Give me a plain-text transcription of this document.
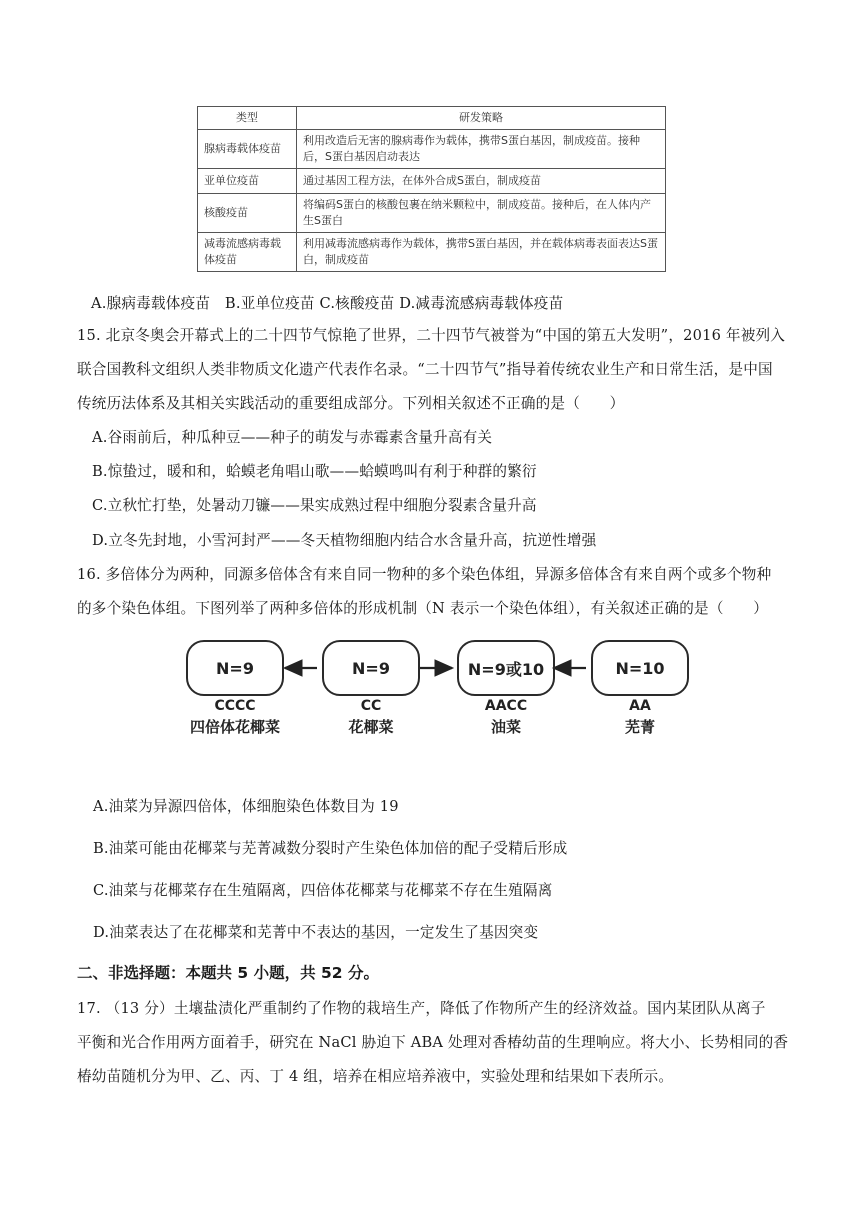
类型	研发策略
腺病毒载体疫苗	利用改造后无害的腺病毒作为载体，携带S蛋白基因，制成疫苗。接种后，S蛋白基因启动表达
亚单位疫苗	通过基因工程方法，在体外合成S蛋白，制成疫苗
核酸疫苗	将编码S蛋白的核酸包裹在纳米颗粒中，制成疫苗。接种后，在人体内产生S蛋白
减毒流感病毒载体疫苗	利用减毒流感病毒作为载体，携带S蛋白基因，并在载体病毒表面表达S蛋白，制成疫苗
A.腺病毒载体疫苗　B.亚单位疫苗 C.核酸疫苗 D.减毒流感病毒载体疫苗
15. 北京冬奥会开幕式上的二十四节气惊艳了世界，二十四节气被誉为“中国的第五大发明”，2016 年被列入
联合国教科文组织人类非物质文化遗产代表作名录。“二十四节气”指导着传统农业生产和日常生活，是中国
传统历法体系及其相关实践活动的重要组成部分。下列相关叙述不正确的是（　　）
A.谷雨前后，种瓜种豆——种子的萌发与赤霉素含量升高有关
B.惊蛰过，暖和和，蛤蟆老角唱山歌——蛤蟆鸣叫有利于种群的繁衍
C.立秋忙打垫，处暑动刀镰——果实成熟过程中细胞分裂素含量升高
D.立冬先封地，小雪河封严——冬天植物细胞内结合水含量升高，抗逆性增强
16. 多倍体分为两种，同源多倍体含有来自同一物种的多个染色体组，异源多倍体含有来自两个或多个物种
的多个染色体组。下图列举了两种多倍体的形成机制（N 表示一个染色体组），有关叙述正确的是（　　）
N=9	N=9	N=9或10	N=10
CCCC	CC	AACC	AA
四倍体花椰菜	花椰菜	油菜	芜菁
A.油菜为异源四倍体，体细胞染色体数目为 19
B.油菜可能由花椰菜与芜菁减数分裂时产生染色体加倍的配子受精后形成
C.油菜与花椰菜存在生殖隔离，四倍体花椰菜与花椰菜不存在生殖隔离
D.油菜表达了在花椰菜和芜菁中不表达的基因，一定发生了基因突变
二、非选择题：本题共 5 小题，共 52 分。
17. （13 分）土壤盐渍化严重制约了作物的栽培生产，降低了作物所产生的经济效益。国内某团队从离子
平衡和光合作用两方面着手，研究在 NaCl 胁迫下 ABA 处理对香椿幼苗的生理响应。将大小、长势相同的香
椿幼苗随机分为甲、乙、丙、丁 4 组，培养在相应培养液中，实验处理和结果如下表所示。
